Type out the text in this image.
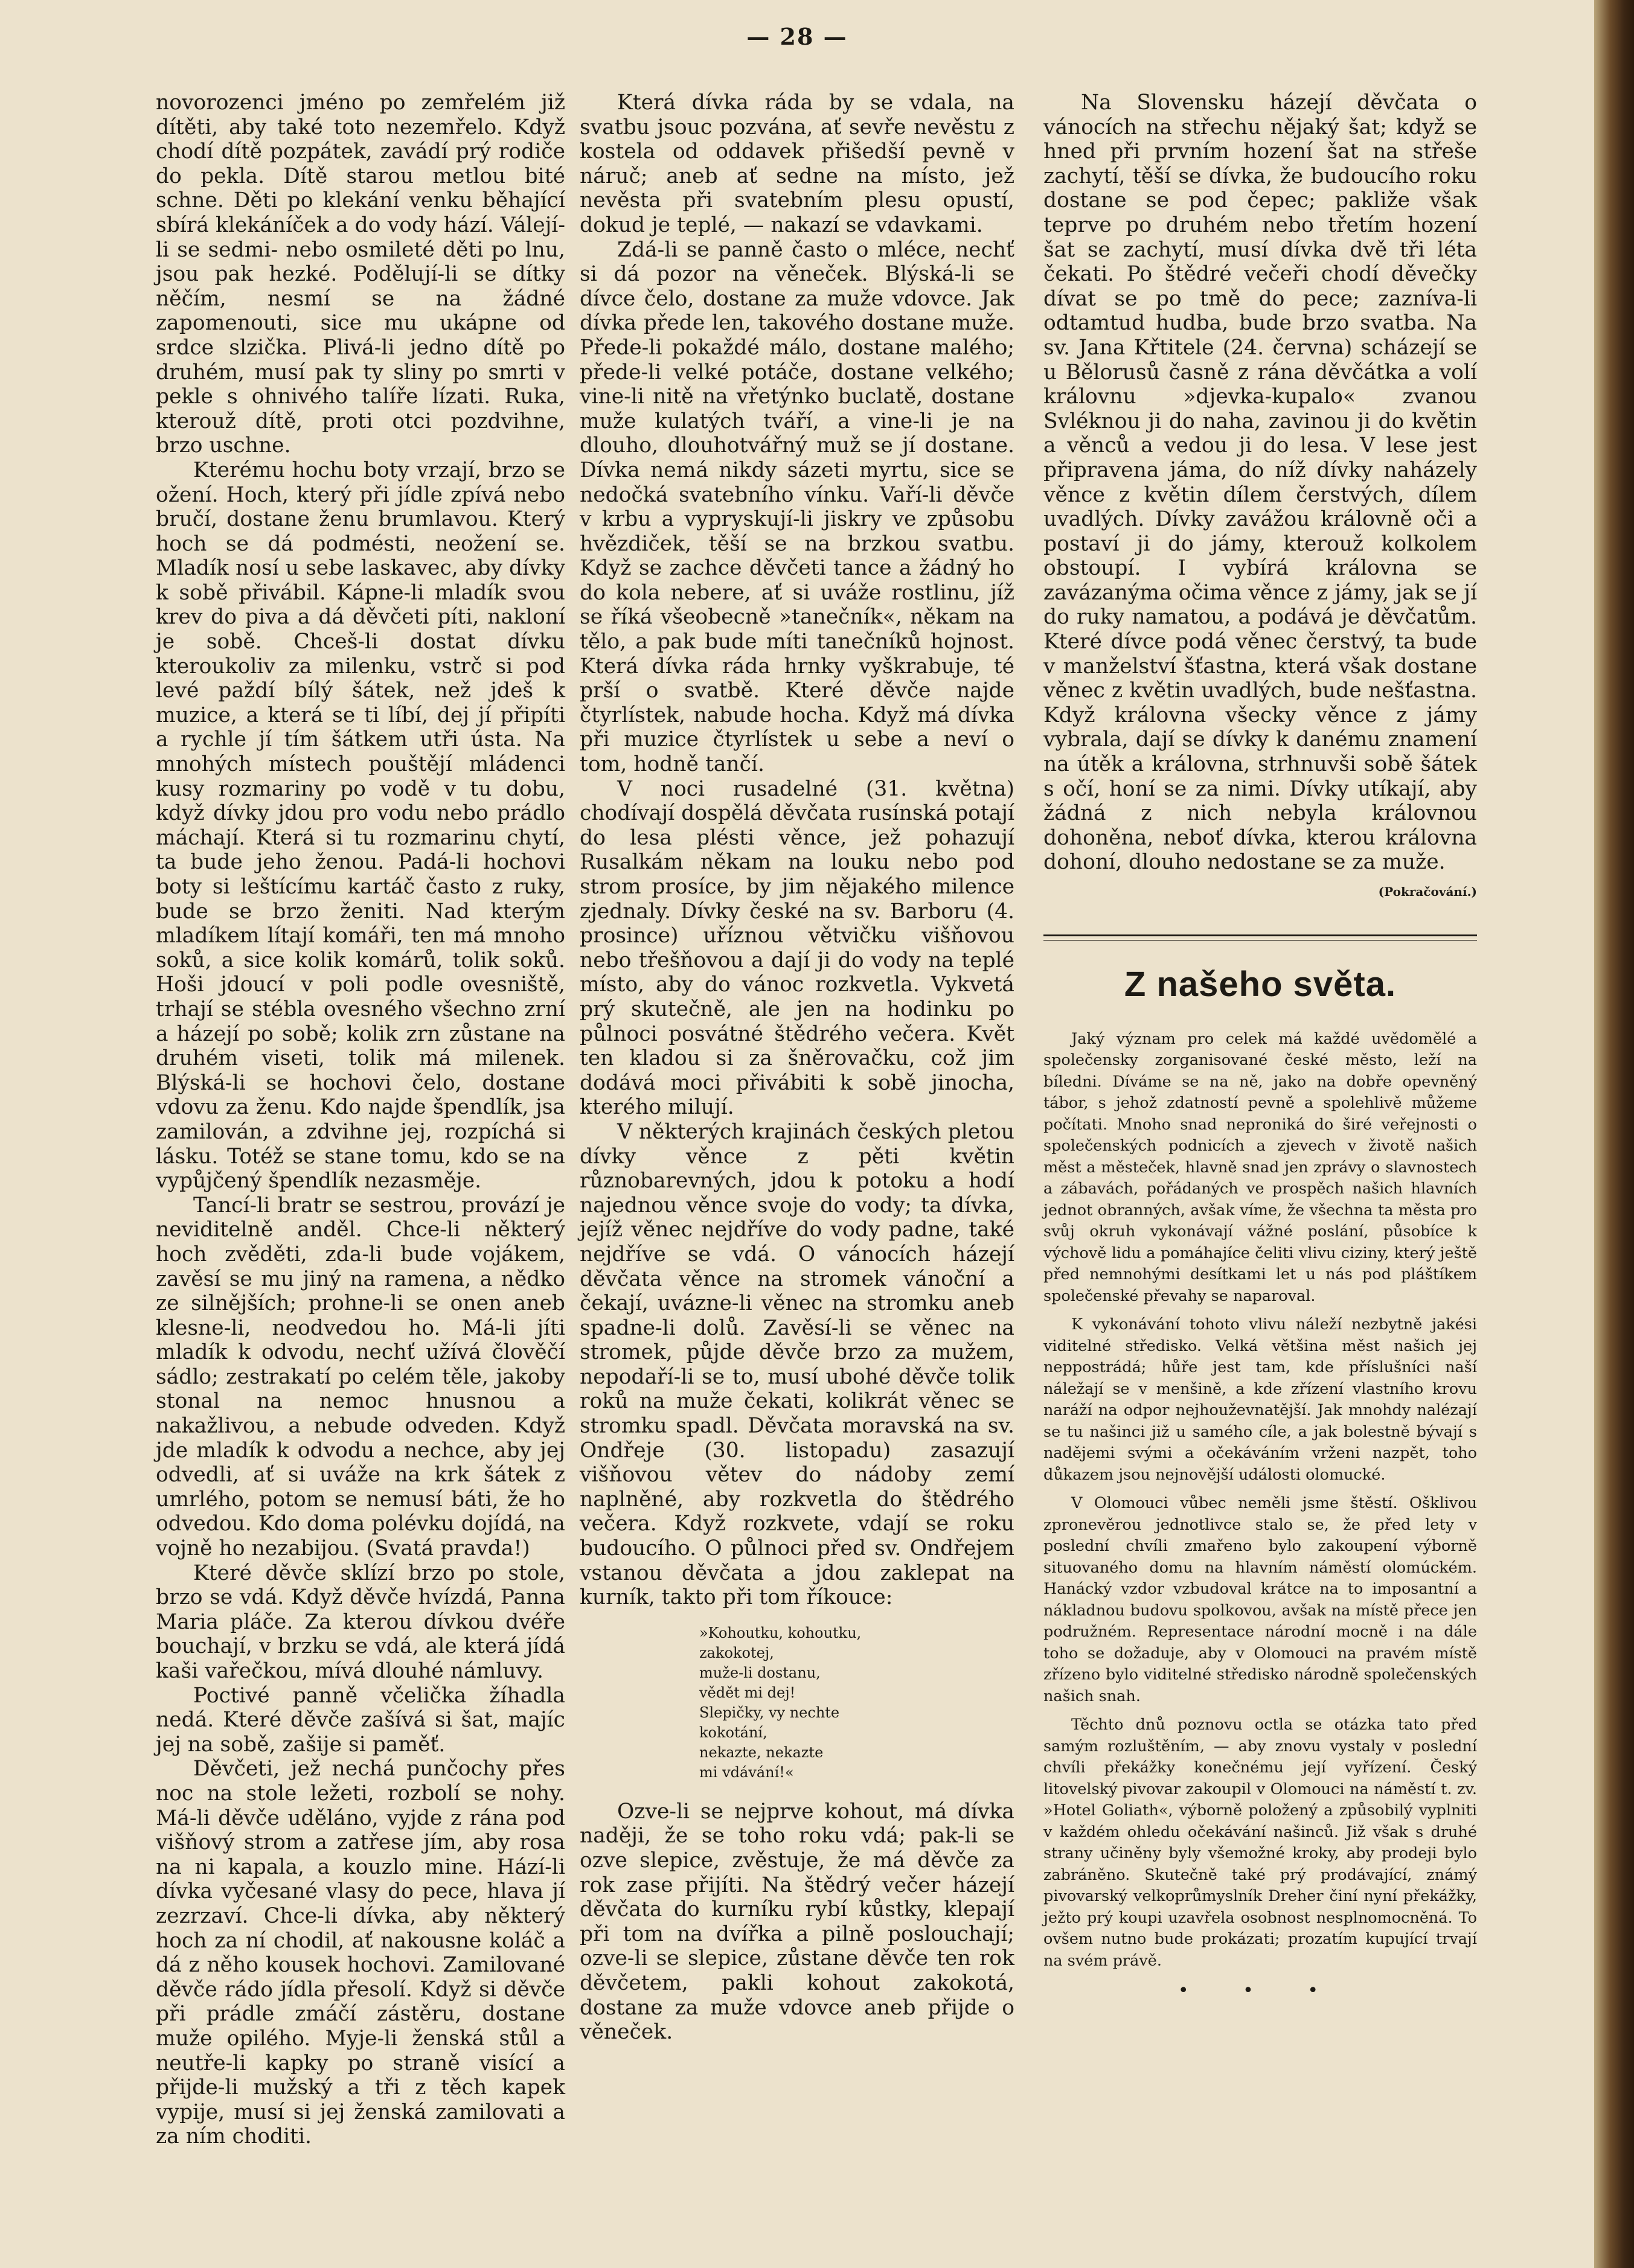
— 28 —

novorozenci jméno po zemřelém již dítěti, aby také toto nezemřelo. Když chodí dítě pozpátek, zavádí prý rodiče do pekla. Dítě starou metlou bité schne. Děti po klekání venku běhající sbírá klekáníček a do vody hází. Válejí-li se sedmi- nebo osmileté děti po lnu, jsou pak hezké. Podělují-li se dítky něčím, nesmí se na žádné zapomenouti, sice mu ukápne od srdce slzička. Plivá-li jedno dítě po druhém, musí pak ty sliny po smrti v pekle s ohnivého talíře lízati. Ruka, kterouž dítě, proti otci pozdvihne, brzo uschne.

Kterému hochu boty vrzají, brzo se ožení. Hoch, který při jídle zpívá nebo bručí, dostane ženu brumlavou. Který hoch se dá podmésti, neožení se. Mladík nosí u sebe laskavec, aby dívky k sobě přivábil. Kápne-li mladík svou krev do piva a dá děvčeti píti, nakloní je sobě. Chceš-li dostat dívku kteroukoliv za milenku, vstrč si pod levé paždí bílý šátek, než jdeš k muzice, a která se ti líbí, dej jí připíti a rychle jí tím šátkem utři ústa. Na mnohých místech pouštějí mládenci kusy rozmariny po vodě v tu dobu, když dívky jdou pro vodu nebo prádlo máchají. Která si tu rozmarinu chytí, ta bude jeho ženou. Padá-li hochovi boty si leštícímu kartáč často z ruky, bude se brzo ženiti. Nad kterým mladíkem lítají komáři, ten má mnoho soků, a sice kolik komárů, tolik soků. Hoši jdoucí v poli podle ovesniště, trhají se stébla ovesného všechno zrní a házejí po sobě; kolik zrn zůstane na druhém viseti, tolik má milenek. Blýská-li se hochovi čelo, dostane vdovu za ženu. Kdo najde špendlík, jsa zamilován, a zdvihne jej, rozpíchá si lásku. Totéž se stane tomu, kdo se na vypůjčený špendlík nezasměje.

Tancí-li bratr se sestrou, provází je neviditelně anděl. Chce-li některý hoch zvěděti, zda-li bude vojákem, zavěsí se mu jiný na ramena, a nědko ze silnějších; prohne-li se onen aneb klesne-li, neodvedou ho. Má-li jíti mladík k odvodu, nechť užívá člověčí sádlo; zestrakatí po celém těle, jakoby stonal na nemoc hnusnou a nakažlivou, a nebude odveden. Když jde mladík k odvodu a nechce, aby jej odvedli, ať si uváže na krk šátek z umrlého, potom se nemusí báti, že ho odvedou. Kdo doma polévku dojídá, na vojně ho nezabijou. (Svatá pravda!)

Které děvče sklízí brzo po stole, brzo se vdá. Když děvče hvízdá, Panna Maria pláče. Za kterou dívkou dvéře bouchají, v brzku se vdá, ale která jídá kaši vařečkou, mívá dlouhé námluvy.

Poctivé panně včelička žíhadla nedá. Které děvče zašívá si šat, majíc jej na sobě, zašije si paměť.

Děvčeti, jež nechá punčochy přes noc na stole ležeti, rozbolí se nohy. Má-li děvče uděláno, vyjde z rána pod višňový strom a zatřese jím, aby rosa na ni kapala, a kouzlo mine. Hází-li dívka vyčesané vlasy do pece, hlava jí zezrzaví. Chce-li dívka, aby některý hoch za ní chodil, ať nakousne koláč a dá z něho kousek hochovi. Zamilované děvče rádo jídla přesolí. Když si děvče při prádle zmáčí zástěru, dostane muže opilého. Myje-li ženská stůl a neutře-li kapky po straně visící a přijde-li mužský a tři z těch kapek vypije, musí si jej ženská zamilovati a za ním choditi.

Která dívka ráda by se vdala, na svatbu jsouc pozvána, ať sevře nevěstu z kostela od oddavek přišedší pevně v náruč; aneb ať sedne na místo, jež nevěsta při svatebním plesu opustí, dokud je teplé, — nakazí se vdavkami.

Zdá-li se panně často o mléce, nechť si dá pozor na věneček. Blýská-li se dívce čelo, dostane za muže vdovce. Jak dívka přede len, takového dostane muže. Přede-li pokaždé málo, dostane malého; přede-li velké potáče, dostane velkého; vine-li nitě na vřetýnko buclatě, dostane muže kulatých tváří, a vine-li je na dlouho, dlouhotvářný muž se jí dostane. Dívka nemá nikdy sázeti myrtu, sice se nedočká svatebního vínku. Vaří-li děvče v krbu a vypryskují-li jiskry ve způsobu hvězdiček, těší se na brzkou svatbu. Když se zachce děvčeti tance a žádný ho do kola nebere, ať si uváže rostlinu, jíž se říká všeobecně »tanečník«, někam na tělo, a pak bude míti tanečníků hojnost. Která dívka ráda hrnky vyškrabuje, té prší o svatbě. Které děvče najde čtyrlístek, nabude hocha. Když má dívka při muzice čtyrlístek u sebe a neví o tom, hodně tančí.

V noci rusadelné (31. května) chodívají dospělá děvčata rusínská potají do lesa plésti věnce, jež pohazují Rusalkám někam na louku nebo pod strom prosíce, by jim nějakého milence zjednaly. Dívky české na sv. Barboru (4. prosince) uříznou větvičku višňovou nebo třešňovou a dají ji do vody na teplé místo, aby do vánoc rozkvetla. Vykvetá prý skutečně, ale jen na hodinku po půlnoci posvátné štědrého večera. Květ ten kladou si za šněrovačku, což jim dodává moci přivábiti k sobě jinocha, kterého milují.

V některých krajinách českých pletou dívky věnce z pěti květin různobarevných, jdou k potoku a hodí najednou věnce svoje do vody; ta dívka, jejíž věnec nejdříve do vody padne, také nejdříve se vdá. O vánocích házejí děvčata věnce na stromek vánoční a čekají, uvázne-li věnec na stromku aneb spadne-li dolů. Zavěsí-li se věnec na stromek, půjde děvče brzo za mužem, nepodaří-li se to, musí ubohé děvče tolik roků na muže čekati, kolikrát věnec se stromku spadl. Děvčata moravská na sv. Ondřeje (30. listopadu) zasazují višňovou větev do nádoby zemí naplněné, aby rozkvetla do štědrého večera. Když rozkvete, vdají se roku budoucího. O půlnoci před sv. Ondřejem vstanou děvčata a jdou zaklepat na kurník, takto při tom říkouce:

»Kohoutku, kohoutku,
zakokotej,
muže-li dostanu,
vědět mi dej!
Slepičky, vy nechte
kokotání,
nekazte, nekazte
mi vdávání!«

Ozve-li se nejprve kohout, má dívka naději, že se toho roku vdá; pak-li se ozve slepice, zvěstuje, že má děvče za rok zase přijíti. Na štědrý večer házejí děvčata do kurníku rybí kůstky, klepají při tom na dvířka a pilně poslouchají; ozve-li se slepice, zůstane děvče ten rok děvčetem, pakli kohout zakokotá, dostane za muže vdovce aneb přijde o věneček.

Na Slovensku házejí děvčata o vánocích na střechu nějaký šat; když se hned při prvním hození šat na střeše zachytí, těší se dívka, že budoucího roku dostane se pod čepec; pakliže však teprve po druhém nebo třetím hození šat se zachytí, musí dívka dvě tři léta čekati. Po štědré večeři chodí děvečky dívat se po tmě do pece; zazníva-li odtamtud hudba, bude brzo svatba. Na sv. Jana Křtitele (24. června) scházejí se u Bělorusů časně z rána děvčátka a volí královnu »djevka-kupalo« zvanou Svléknou ji do naha, zavinou ji do květin a věnců a vedou ji do lesa. V lese jest připravena jáma, do níž dívky naházely věnce z květin dílem čerstvých, dílem uvadlých. Dívky zavážou královně oči a postaví ji do jámy, kterouž kolkolem obstoupí. I vybírá královna se zavázanýma očima věnce z jámy, jak se jí do ruky namatou, a podává je děvčatům. Které dívce podá věnec čerstvý, ta bude v manželství šťastna, která však dostane věnec z květin uvadlých, bude nešťastna. Když královna všecky věnce z jámy vybrala, dají se dívky k danému znamení na útěk a královna, strhnuvši sobě šátek s očí, honí se za nimi. Dívky utíkají, aby žádná z nich nebyla královnou dohoněna, neboť dívka, kterou královna dohoní, dlouho nedostane se za muže.

(Pokračování.)
Z našeho světa.

Jaký význam pro celek má každé uvědomělé a společensky zorganisované české město, leží na bíledni. Díváme se na ně, jako na dobře opevněný tábor, s jehož zdatností pevně a spolehlivě můžeme počítati. Mnoho snad neproniká do širé veřejnosti o společenských podnicích a zjevech v životě našich měst a městeček, hlavně snad jen zprávy o slavnostech a zábavách, pořádaných ve prospěch našich hlavních jednot obranných, avšak víme, že všechna ta města pro svůj okruh vykonávají vážné poslání, působíce k výchově lidu a pomáhajíce čeliti vlivu ciziny, který ještě před nemnohými desítkami let u nás pod pláštíkem společenské převahy se naparoval.

K vykonávání tohoto vlivu náleží nezbytně jakési viditelné středisko. Velká většina měst našich jej neppostrádá; hůře jest tam, kde příslušníci naší náležají se v menšině, a kde zřízení vlastního krovu naráží na odpor nejhouževnatější. Jak mnohdy nalézají se tu našinci již u samého cíle, a jak bolestně bývají s nadějemi svými a očekáváním vrženi nazpět, toho důkazem jsou nejnovější události olomucké.

V Olomouci vůbec neměli jsme štěstí. Ošklivou zpronevěrou jednotlivce stalo se, že před lety v poslední chvíli zmařeno bylo zakoupení výborně situovaného domu na hlavním náměstí olomúckém. Hanácký vzdor vzbudoval krátce na to imposantní a nákladnou budovu spolkovou, avšak na místě přece jen podružném. Representace národní mocně i na dále toho se dožaduje, aby v Olomouci na pravém místě zřízeno bylo viditelné středisko národně společenských našich snah.

Těchto dnů poznovu octla se otázka tato před samým rozluštěním, — aby znovu vystaly v poslední chvíli překážky konečnému její vyřízení. Český litovelský pivovar zakoupil v Olomouci na náměstí t. zv. »Hotel Goliath«, výborně položený a způsobilý vyplniti v každém ohledu očekávání našinců. Již však s druhé strany učiněny byly všemožné kroky, aby prodeji bylo zabráněno. Skutečně také prý prodávající, známý pivovarský velkoprůmyslník Dreher činí nyní překážky, ježto prý koupi uzavřela osobnost nesplnomocněná. To ovšem nutno bude prokázati; prozatím kupující trvají na svém právě.

• • •
